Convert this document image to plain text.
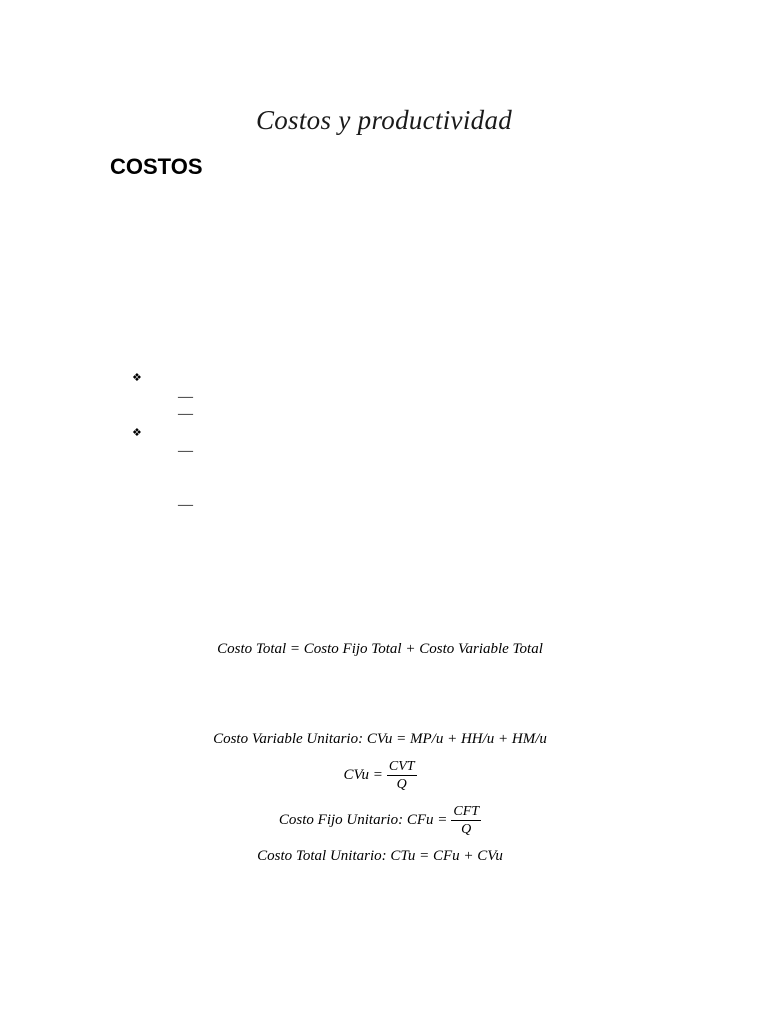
Costos y productividad
COSTOS
❖
—
—
❖
—
—
Costo Total = Costo Fijo Total + Costo Variable Total
Costo Variable Unitario: CVu = MP/u + HH/u + HM/u
CVu = $\frac{\text{CVT}}{Q}$
Costo Fijo Unitario: CFu = $\frac{\text{CFT}}{Q}$
Costo Total Unitario: CTu = CFu + CVu
